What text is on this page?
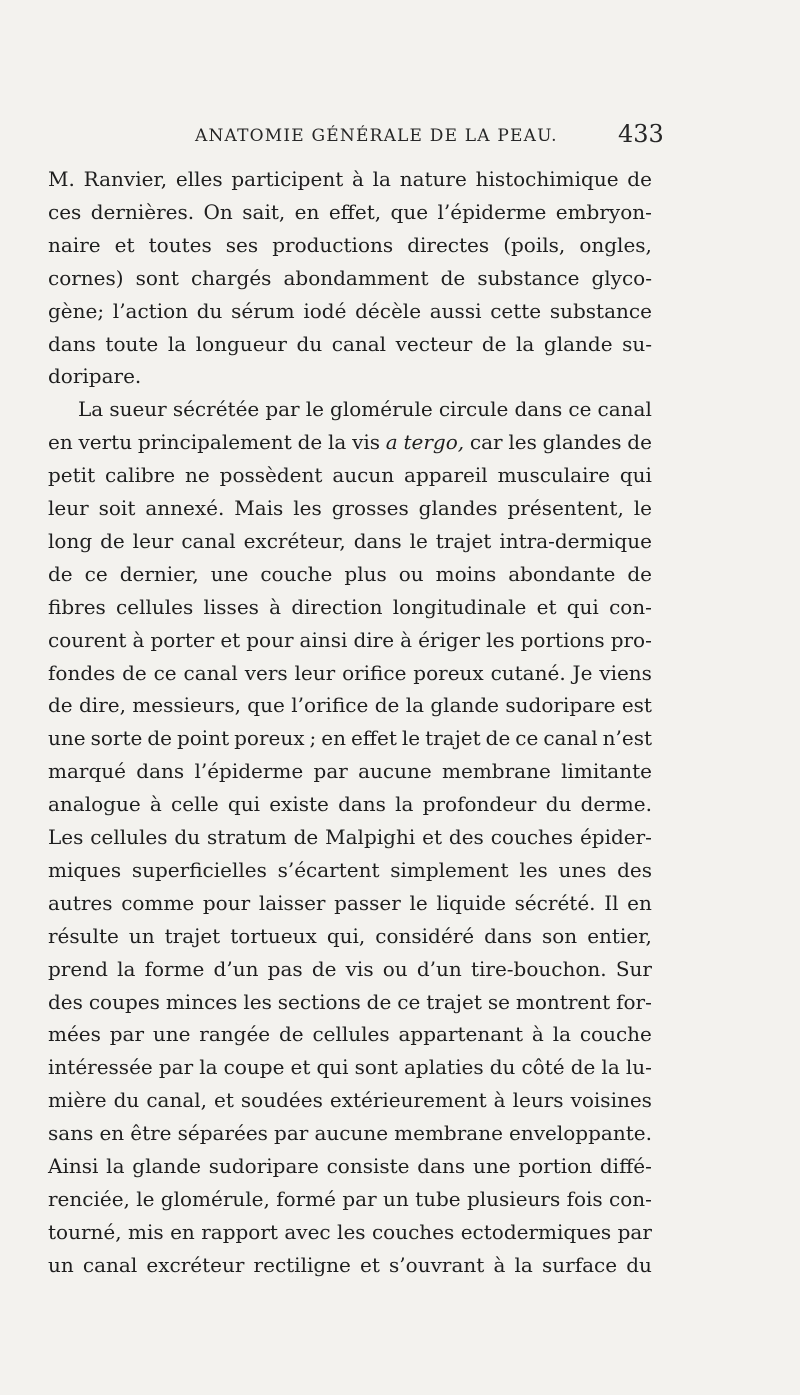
ANATOMIE GÉNÉRALE DE LA PEAU.	433
M. Ranvier, elles participent à la nature histochimique de
ces dernières. On sait, en effet, que l’épiderme embryon-
naire et toutes ses productions directes (poils, ongles,
cornes) sont chargés abondamment de substance glyco-
gène; l’action du sérum iodé décèle aussi cette substance
dans toute la longueur du canal vecteur de la glande su-
doripare.
La sueur sécrétée par le glomérule circule dans ce canal
en vertu principalement de la vis a tergo, car les glandes de
petit calibre ne possèdent aucun appareil musculaire qui
leur soit annexé. Mais les grosses glandes présentent, le
long de leur canal excréteur, dans le trajet intra-dermique
de ce dernier, une couche plus ou moins abondante de
fibres cellules lisses à direction longitudinale et qui con-
courent à porter et pour ainsi dire à ériger les portions pro-
fondes de ce canal vers leur orifice poreux cutané. Je viens
de dire, messieurs, que l’orifice de la glande sudoripare est
une sorte de point poreux ; en effet le trajet de ce canal n’est
marqué dans l’épiderme par aucune membrane limitante
analogue à celle qui existe dans la profondeur du derme.
Les cellules du stratum de Malpighi et des couches épider-
miques superficielles s’écartent simplement les unes des
autres comme pour laisser passer le liquide sécrété. Il en
résulte un trajet tortueux qui, considéré dans son entier,
prend la forme d’un pas de vis ou d’un tire-bouchon. Sur
des coupes minces les sections de ce trajet se montrent for-
mées par une rangée de cellules appartenant à la couche
intéressée par la coupe et qui sont aplaties du côté de la lu-
mière du canal, et soudées extérieurement à leurs voisines
sans en être séparées par aucune membrane enveloppante.
Ainsi la glande sudoripare consiste dans une portion diffé-
renciée, le glomérule, formé par un tube plusieurs fois con-
tourné, mis en rapport avec les couches ectodermiques par
un canal excréteur rectiligne et s’ouvrant à la surface du
